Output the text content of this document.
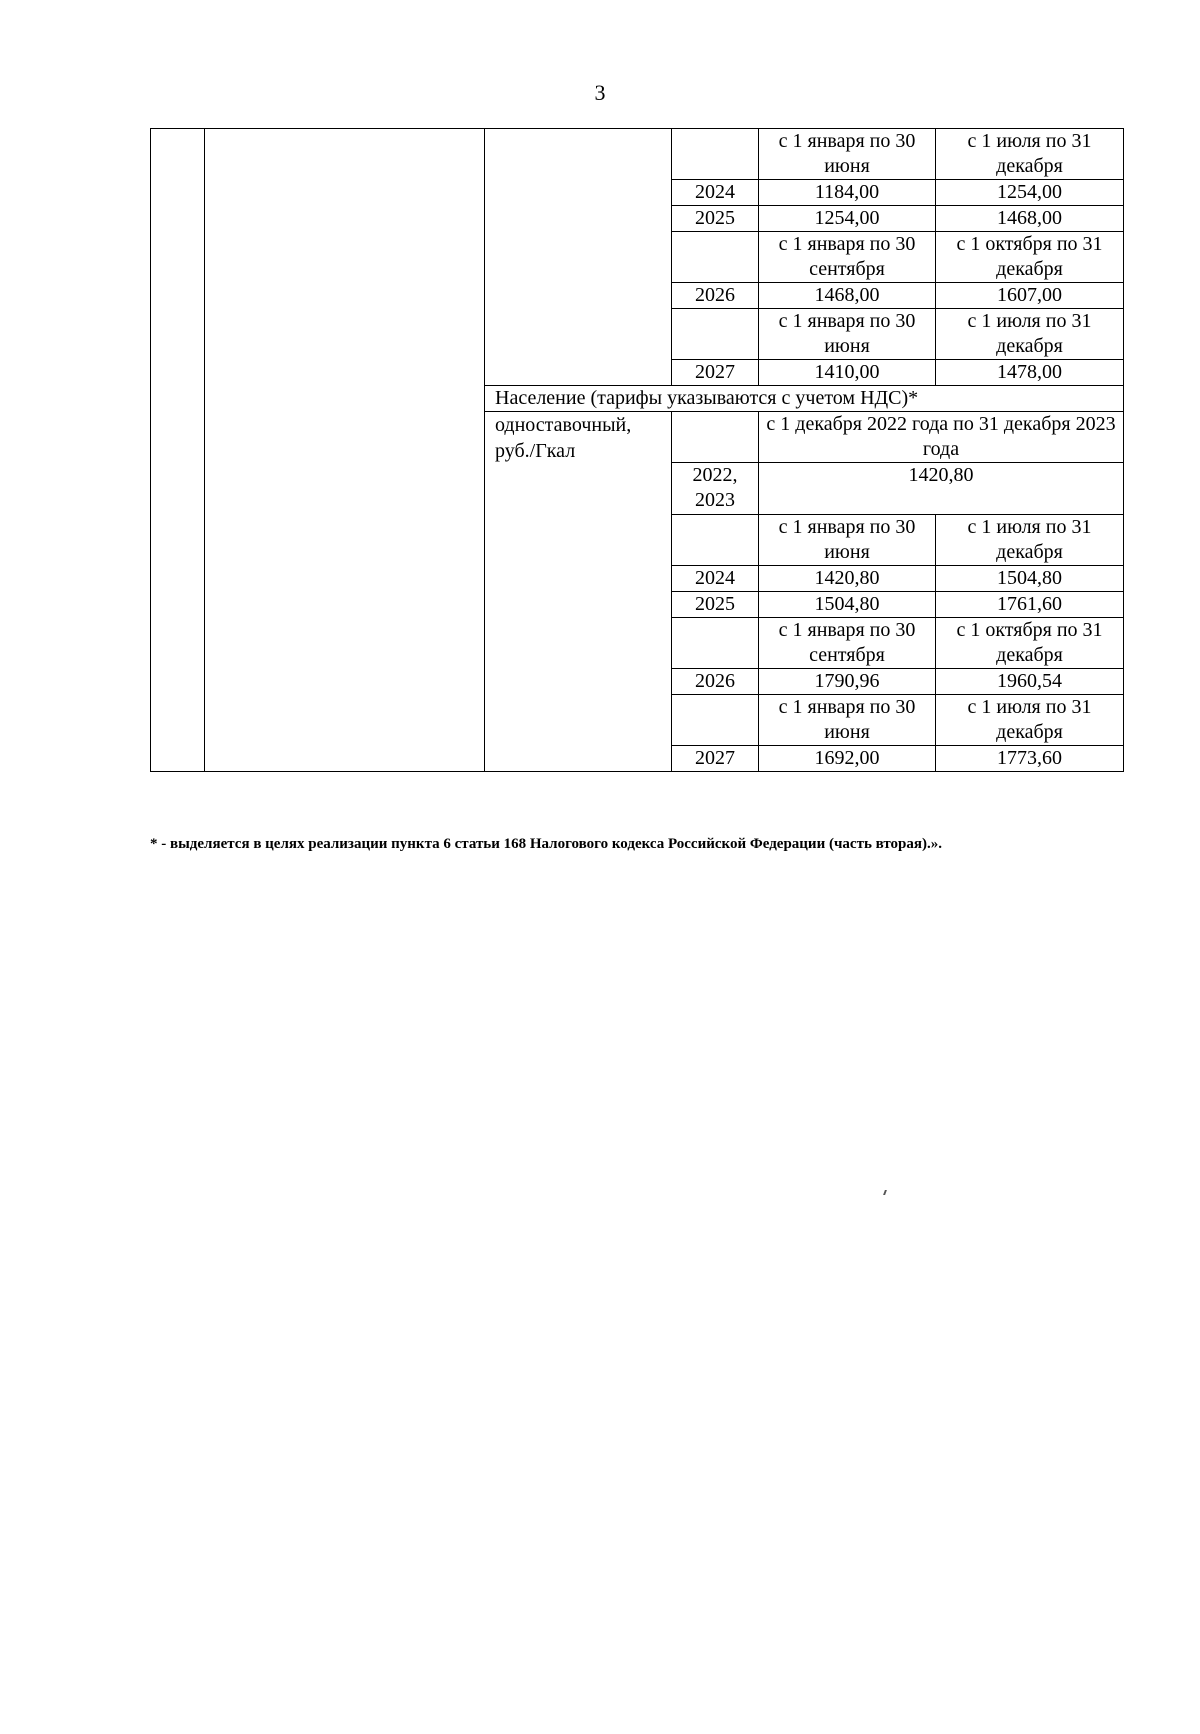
3
				с 1 января по 30 июня	с 1 июля по 31 декабря
			2024	1184,00	1254,00
			2025	1254,00	1468,00
				с 1 января по 30 сентября	с 1 октября по 31 декабря
			2026	1468,00	1607,00
				с 1 января по 30 июня	с 1 июля по 31 декабря
			2027	1410,00	1478,00
		Население (тарифы указываются с учетом НДС)*			
		одноставочный, руб./Гкал		с 1 декабря 2022 года по 31 декабря 2023 года	
			2022, 2023	1420,80	
				с 1 января по 30 июня	с 1 июля по 31 декабря
			2024	1420,80	1504,80
			2025	1504,80	1761,60
				с 1 января по 30 сентября	с 1 октября по 31 декабря
			2026	1790,96	1960,54
				с 1 января по 30 июня	с 1 июля по 31 декабря
			2027	1692,00	1773,60
* - выделяется в целях реализации пункта 6 статьи 168 Налогового кодекса Российской Федерации (часть вторая).».
